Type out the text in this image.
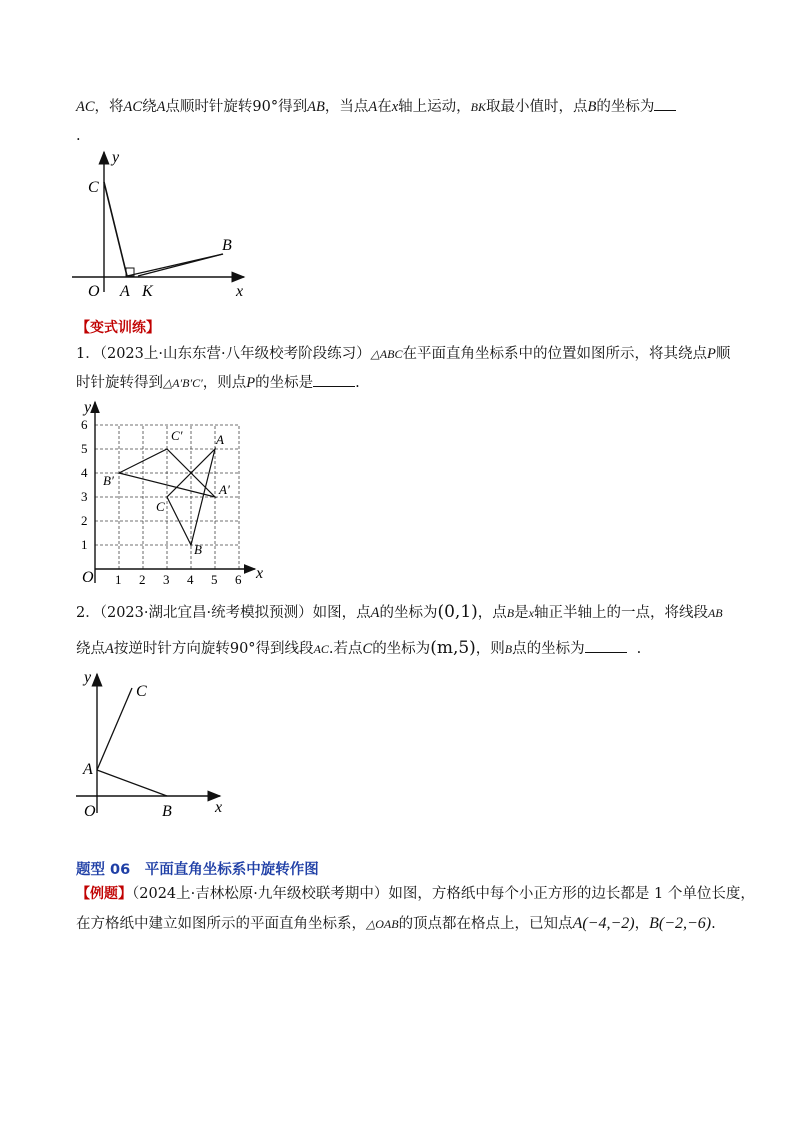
AC，将AC绕A点顺时针旋转90°得到AB，当点A在x轴上运动，BK取最小值时，点B的坐标为
.
y
x
O A K
B
C
【变式训练】
1．（2023上·山东东营·八年级校考阶段练习）△ABC在平面直角坐标系中的位置如图所示，将其绕点P顺
时针旋转得到△A′B′C′，则点P的坐标是	.
y
x
O 1 2 3 4 5 6
1
2
3
4
5
6
A
B
C
A′
B′
C′
2．（2023·湖北宜昌·统考模拟预测）如图，点A的坐标为(0,1)，点B是x轴正半轴上的一点，将线段AB
绕点A按逆时针方向旋转90°得到线段AC.若点C的坐标为(m,5)，则B点的坐标为	.
y
x
O
A
B
C
题型 06　平面直角坐标系中旋转作图
【例题】（2024上·吉林松原·九年级校联考期中）如图，方格纸中每个小正方形的边长都是 1 个单位长度，
在方格纸中建立如图所示的平面直角坐标系，△OAB的顶点都在格点上，已知点A(−4,−2)，B(−2,−6).
